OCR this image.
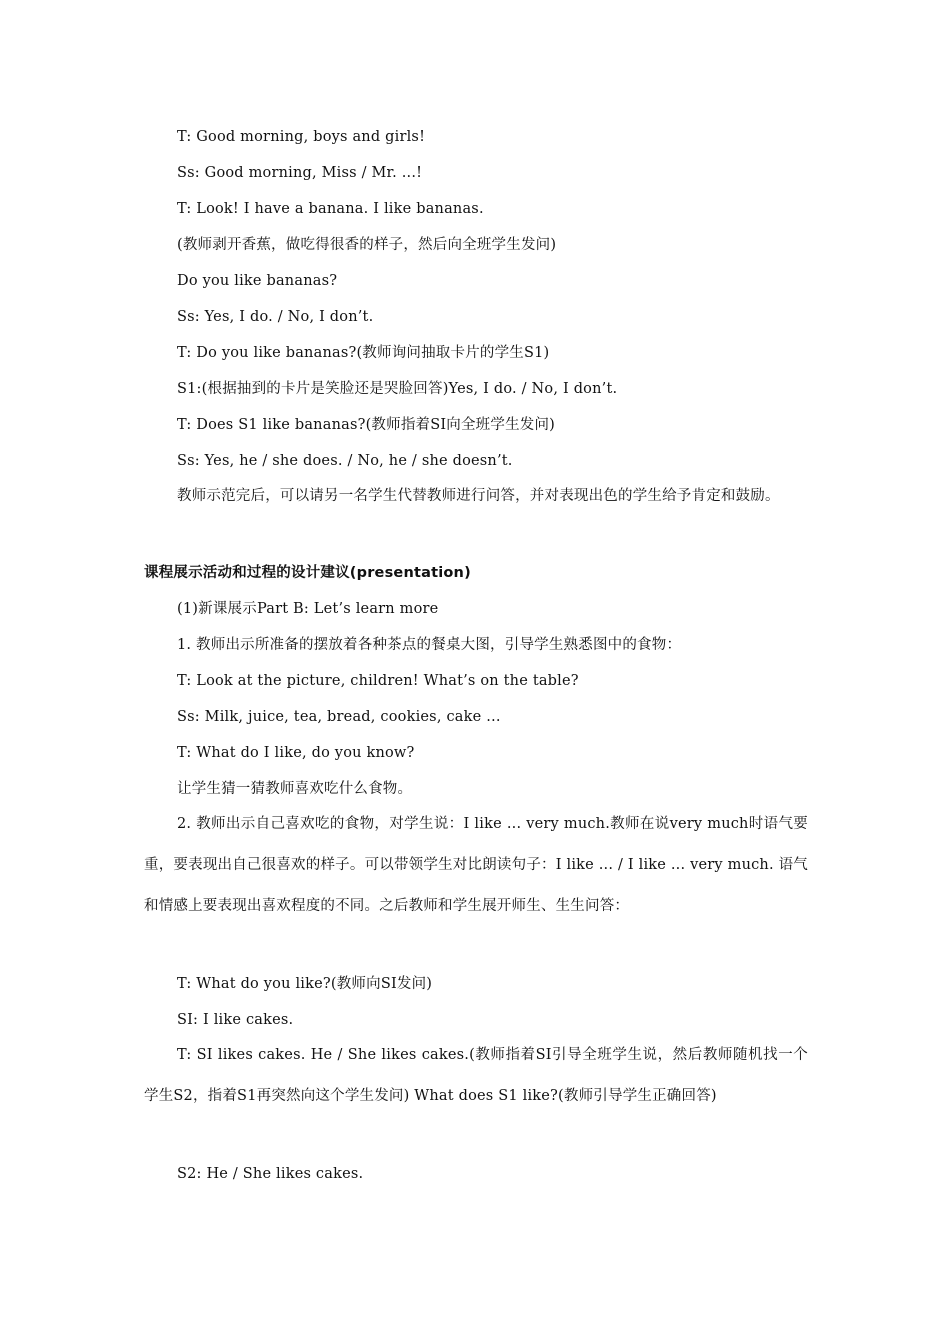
T: Good morning, boys and girls!
Ss: Good morning, Miss / Mr. ...!
T: Look! I have a banana. I like bananas.
(教师剥开香蕉，做吃得很香的样子，然后向全班学生发问)
Do you like bananas?
Ss: Yes, I do. / No, I don’t.
T: Do you like bananas?(教师询问抽取卡片的学生S1)
S1:(根据抽到的卡片是笑脸还是哭脸回答)Yes, I do. / No, I don’t.
T: Does S1 like bananas?(教师指着SI向全班学生发问)
Ss: Yes, he / she does. / No, he / she doesn’t.
教师示范完后，可以请另一名学生代替教师进行问答，并对表现出色的学生给予肯定和鼓励。
课程展示活动和过程的设计建议(presentation)
(1)新课展示Part B: Let’s learn more
1. 教师出示所准备的摆放着各种茶点的餐桌大图，引导学生熟悉图中的食物：
T: Look at the picture, children! What’s on the table?
Ss: Milk, juice, tea, bread, cookies, cake …
T: What do I like, do you know?
让学生猜一猜教师喜欢吃什么食物。
2. 教师出示自己喜欢吃的食物，对学生说：I like ... very much.教师在说very much时语气要重，要表现出自己很喜欢的样子。可以带领学生对比朗读句子：I like ... / I like ... very much. 语气和情感上要表现出喜欢程度的不同。之后教师和学生展开师生、生生问答：
T: What do you like?(教师向SI发问)
SI: I like cakes.
T: SI likes cakes. He / She likes cakes.(教师指着SI引导全班学生说，然后教师随机找一个学生S2，指着S1再突然向这个学生发问) What does S1 like?(教师引导学生正确回答)
S2: He / She likes cakes.
